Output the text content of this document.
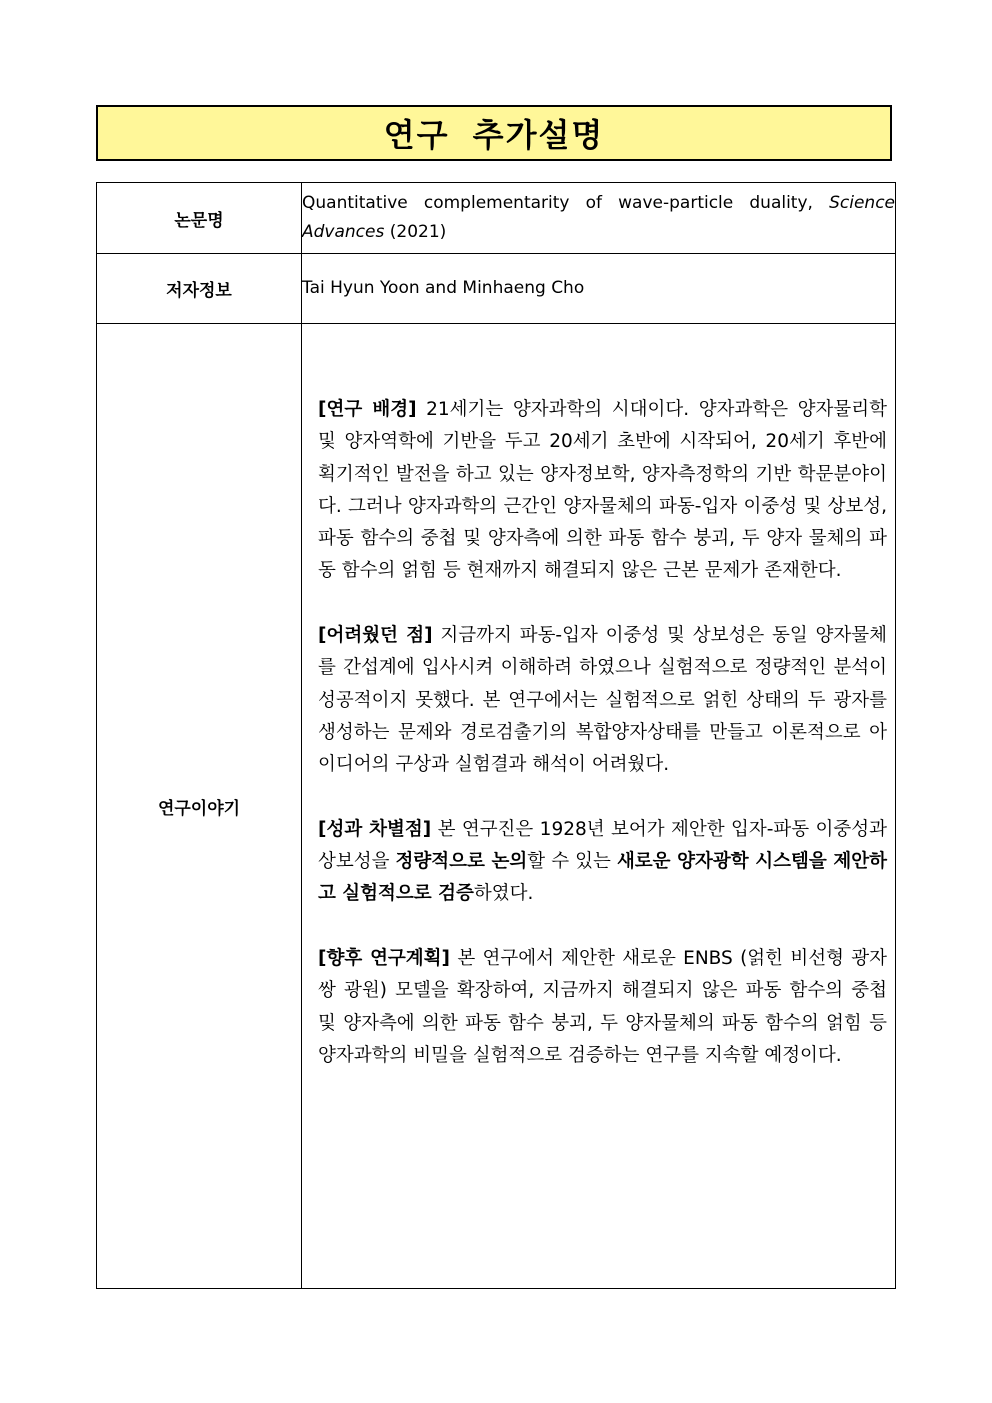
연구 추가설명
논문명	Quantitative complementarity of wave-particle duality, Science Advances (2021)

저자정보	Tai Hyun Yoon and Minhaeng Cho
연구이야기	[연구 배경] 21세기는 양자과학의 시대이다. 양자과학은 양자물리학 및 양자역학에 기반을 두고 20세기 초반에 시작되어, 20세기 후반에 획기적인 발전을 하고 있는 양자정보학, 양자측정학의 기반 학문분야이다. 그러나 양자과학의 근간인 양자물체의 파동-입자 이중성 및 상보성, 파동 함수의 중첩 및 양자측에 의한 파동 함수 붕괴, 두 양자 물체의 파동 함수의 얽힘 등 현재까지 해결되지 않은 근본 문제가 존재한다.

[어려웠던 점] 지금까지 파동-입자 이중성 및 상보성은 동일 양자물체를 간섭계에 입사시켜 이해하려 하였으나 실험적으로 정량적인 분석이 성공적이지 못했다. 본 연구에서는 실험적으로 얽힌 상태의 두 광자를 생성하는 문제와 경로검출기의 복합양자상태를 만들고 이론적으로 아이디어의 구상과 실험결과 해석이 어려웠다.

[성과 차별점] 본 연구진은 1928년 보어가 제안한 입자-파동 이중성과 상보성을 정량적으로 논의할 수 있는 새로운 양자광학 시스템을 제안하고 실험적으로 검증하였다.

[향후 연구계획] 본 연구에서 제안한 새로운 ENBS (얽힌 비선형 광자쌍 광원) 모델을 확장하여, 지금까지 해결되지 않은 파동 함수의 중첩 및 양자측에 의한 파동 함수 붕괴, 두 양자물체의 파동 함수의 얽힘 등 양자과학의 비밀을 실험적으로 검증하는 연구를 지속할 예정이다.
